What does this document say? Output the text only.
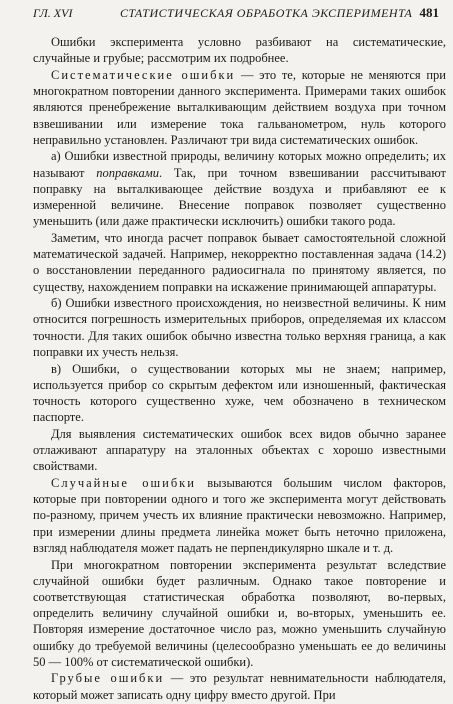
ГЛ. XVI	СТАТИСТИЧЕСКАЯ ОБРАБОТКА ЭКСПЕРИМЕНТА 481

Ошибки эксперимента условно разбивают на систематические, случайные и грубые; рассмотрим их подробнее.

Систематические ошибки — это те, которые не меняются при многократном повторении данного эксперимента. Примерами таких ошибок являются пренебрежение выталкивающим действием воздуха при точном взвешивании или измерение тока гальванометром, нуль которого неправильно установлен. Различают три вида систематических ошибок.

а) Ошибки известной природы, величину которых можно определить; их называют поправками. Так, при точном взвешивании рассчитывают поправку на выталкивающее действие воздуха и прибавляют ее к измеренной величине. Внесение поправок позволяет существенно уменьшить (или даже практически исключить) ошибки такого рода.

Заметим, что иногда расчет поправок бывает самостоятельной сложной математической задачей. Например, некорректно поставленная задача (14.2) о восстановлении переданного радиосигнала по принятому является, по существу, нахождением поправки на искажение принимающей аппаратуры.

б) Ошибки известного происхождения, но неизвестной величины. К ним относится погрешность измерительных приборов, определяемая их классом точности. Для таких ошибок обычно известна только верхняя граница, а как поправки их учесть нельзя.

в) Ошибки, о существовании которых мы не знаем; например, используется прибор со скрытым дефектом или изношенный, фактическая точность которого существенно хуже, чем обозначено в техническом паспорте.

Для выявления систематических ошибок всех видов обычно заранее отлаживают аппаратуру на эталонных объектах с хорошо известными свойствами.

Случайные ошибки вызываются большим числом факторов, которые при повторении одного и того же эксперимента могут действовать по-разному, причем учесть их влияние практически невозможно. Например, при измерении длины предмета линейка может быть неточно приложена, взгляд наблюдателя может падать не перпендикулярно шкале и т. д.

При многократном повторении эксперимента результат вследствие случайной ошибки будет различным. Однако такое повторение и соответствующая статистическая обработка позволяют, во-первых, определить величину случайной ошибки и, во-вторых, уменьшить ее. Повторяя измерение достаточное число раз, можно уменьшить случайную ошибку до требуемой величины (целесообразно уменьшать ее до величины 50 — 100% от систематической ошибки).

Грубые ошибки — это результат невнимательности наблюдателя, который может записать одну цифру вместо другой. При
